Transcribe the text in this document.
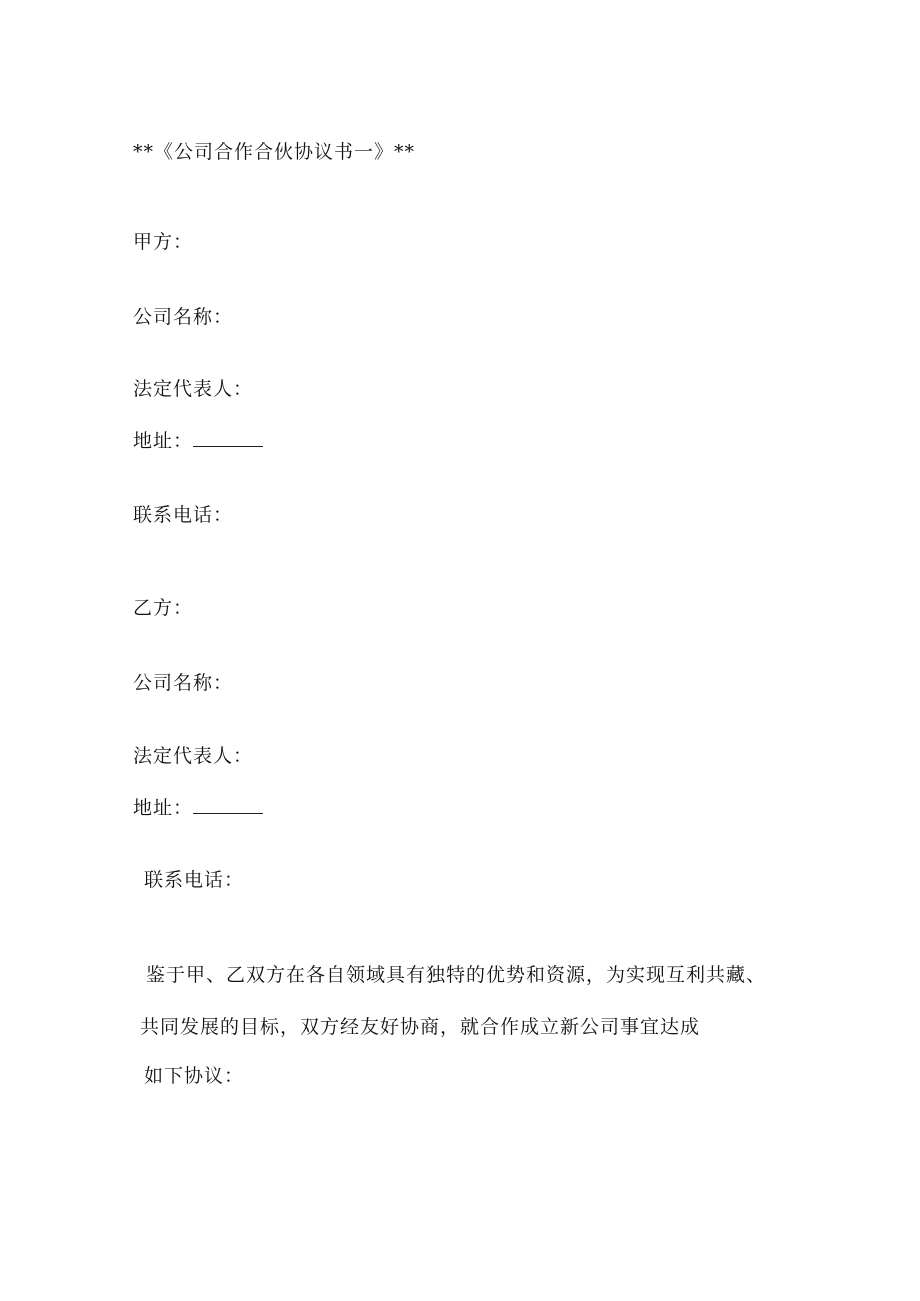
**《公司合作合伙协议书一》**
甲方：
公司名称：
法定代表人：
地址：
联系电话：
乙方：
公司名称：
法定代表人：
地址：
联系电话：
鉴于甲、乙双方在各自领域具有独特的优势和资源，为实现互利共藏、
共同发展的目标，双方经友好协商，就合作成立新公司事宜达成
如下协议：
